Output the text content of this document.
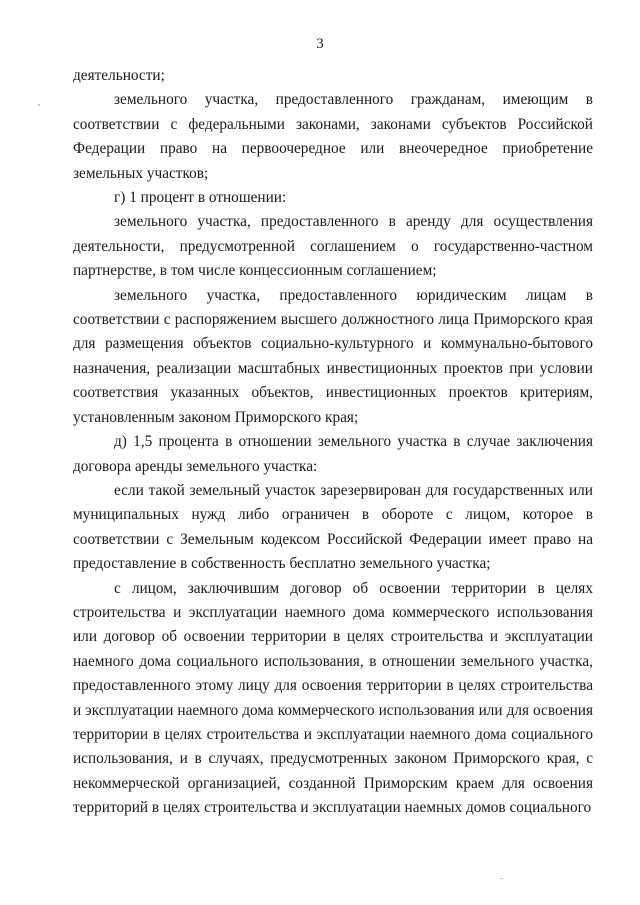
3

деятельности;

земельного участка, предоставленного гражданам, имеющим в соответствии с федеральными законами, законами субъектов Российской Федерации право на первоочередное или внеочередное приобретение земельных участков;

г) 1 процент в отношении:

земельного участка, предоставленного в аренду для осуществления деятельности, предусмотренной соглашением о государственно-частном партнерстве, в том числе концессионным соглашением;

земельного участка, предоставленного юридическим лицам в соответствии с распоряжением высшего должностного лица Приморского края для размещения объектов социально-культурного и коммунально-бытового назначения, реализации масштабных инвестиционных проектов при условии соответствия указанных объектов, инвестиционных проектов критериям, установленным законом Приморского края;

д) 1,5 процента в отношении земельного участка в случае заключения договора аренды земельного участка:

если такой земельный участок зарезервирован для государственных или муниципальных нужд либо ограничен в обороте с лицом, которое в соответствии с Земельным кодексом Российской Федерации имеет право на предоставление в собственность бесплатно земельного участка;

с лицом, заключившим договор об освоении территории в целях строительства и эксплуатации наемного дома коммерческого использования или договор об освоении территории в целях строительства и эксплуатации наемного дома социального использования, в отношении земельного участка, предоставленного этому лицу для освоения территории в целях строительства и эксплуатации наемного дома коммерческого использования или для освоения территории в целях строительства и эксплуатации наемного дома социального использования, и в случаях, предусмотренных законом Приморского края, с некоммерческой организацией, созданной Приморским краем для освоения территорий в целях строительства и эксплуатации наемных домов социального
